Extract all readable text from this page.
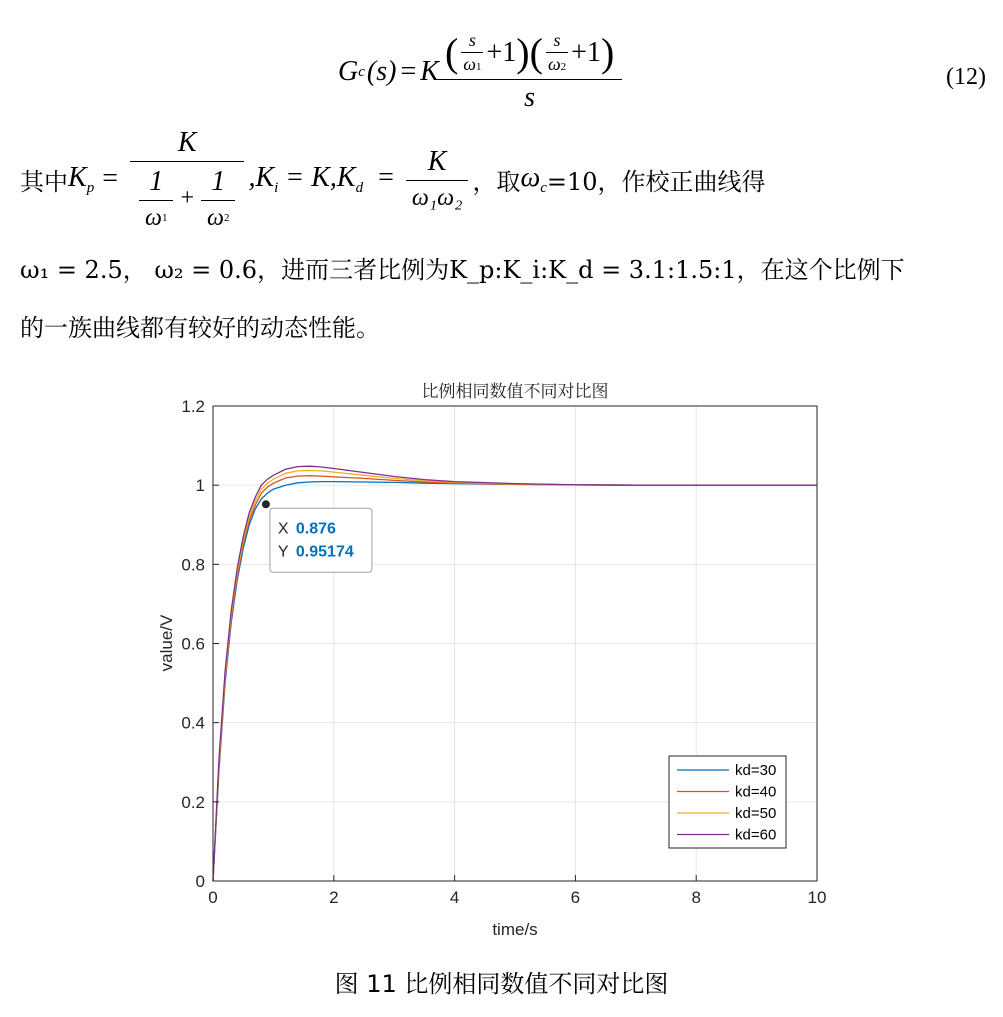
G c (s) = K ( $\frac{s}{\omega 1} +1$ ) ( $\frac{s}{\omega 2} +1$ )
s
(12)
其中 $K_p = \frac{K}{\frac{1}{\omega 1} + \frac{1}{\omega 2}} ,K_i = K$, $K_d = \frac{K}{\text{ω₁ω₂}}$ ，取 $\omega_c =10$，作校正曲线得
ω₁ = 2.5， ω₂ = 0.6，进而三者比例为K_p:K_i:K_d = 3.1:1.5:1，在这个比例下
的一族曲线都有较好的动态性能。
0	2	4	6	8	10
0
0.2
0.4
0.6
0.8
1
1.2
比例相同数值不同对比图
time/s
value/V
kd=30
kd=40
kd=50
kd=60
X 0.876
Y 0.95174
图 11 比例相同数值不同对比图
